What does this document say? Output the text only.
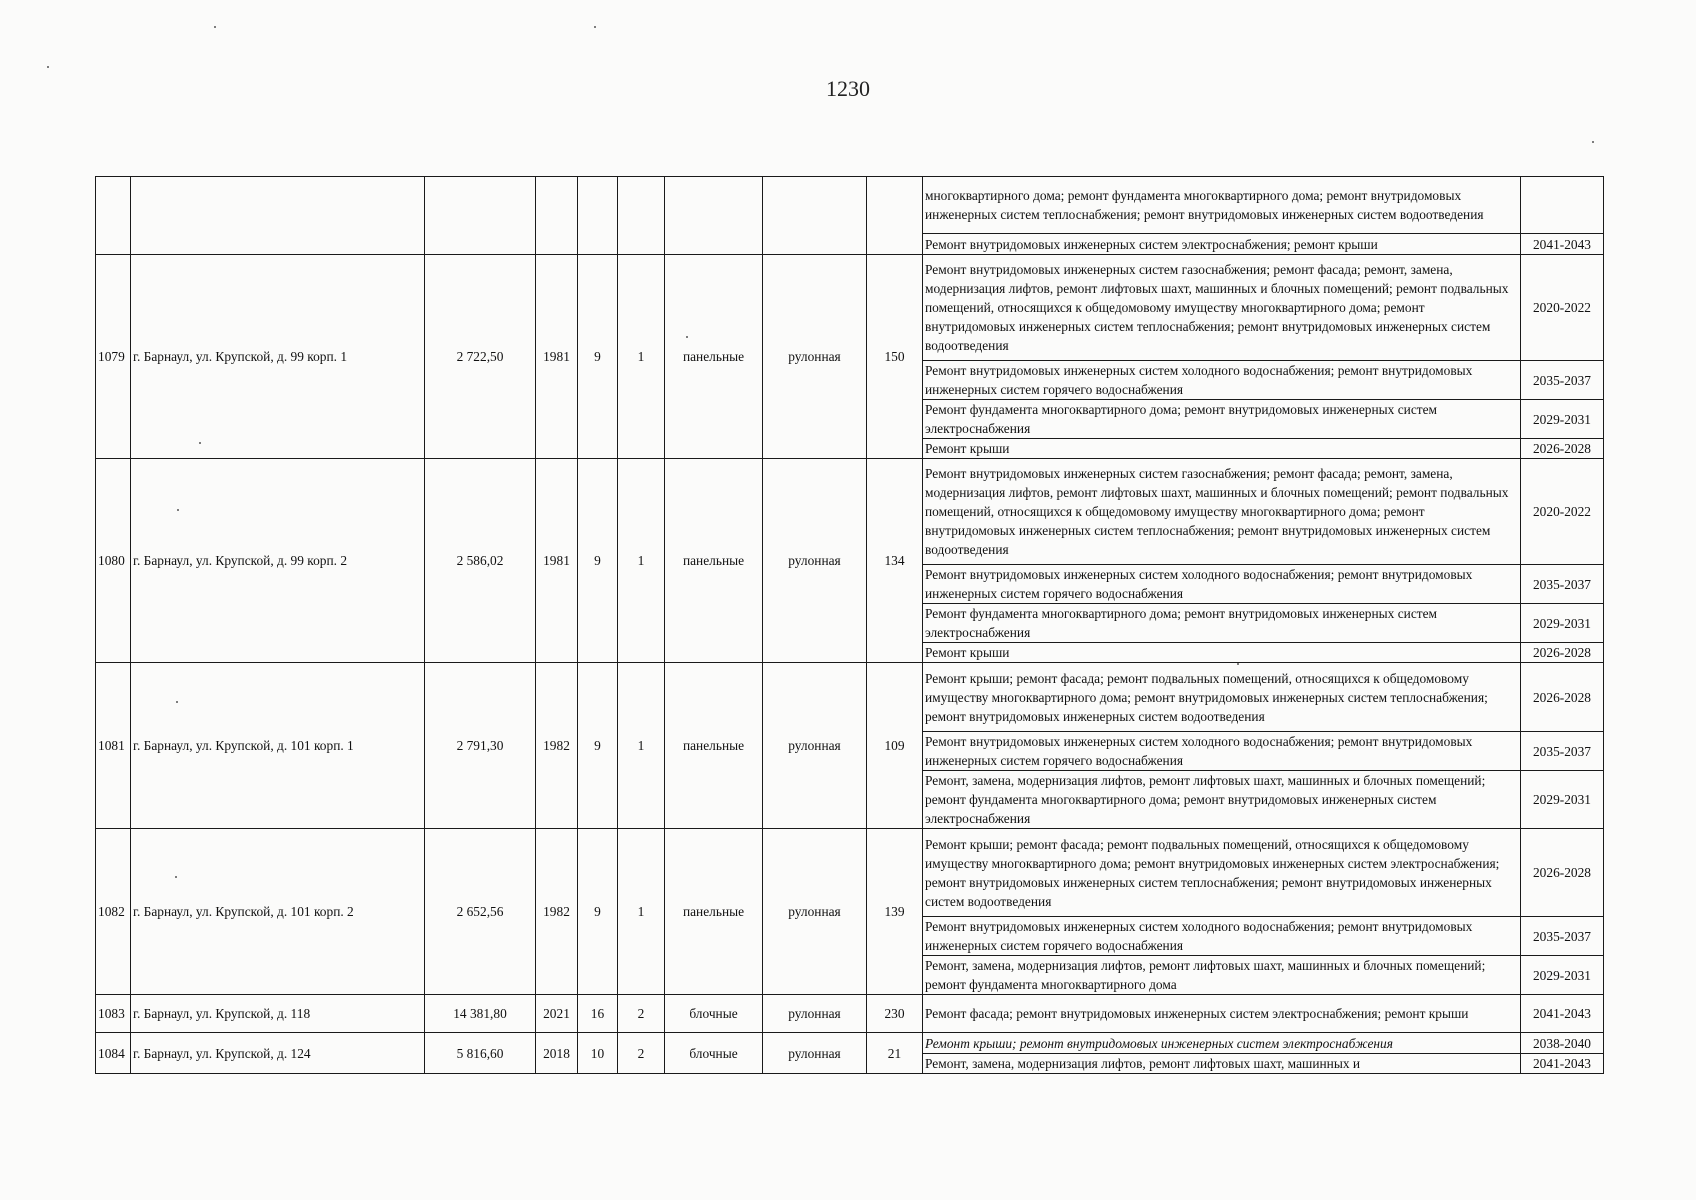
1230
									многоквартирного дома; ремонт фундамента многоквартирного дома; ремонт внутридомовых инженерных систем теплоснабжения; ремонт внутридомовых инженерных систем водоотведения	
									Ремонт внутридомовых инженерных систем электроснабжения; ремонт крыши	2041-2043
1079	г. Барнаул, ул. Крупской, д. 99 корп. 1	2 722,50	1981	9	1	панельные	рулонная	150	Ремонт внутридомовых инженерных систем газоснабжения; ремонт фасада; ремонт, замена, модернизация лифтов, ремонт лифтовых шахт, машинных и блочных помещений; ремонт подвальных помещений, относящихся к общедомовому имуществу многоквартирного дома; ремонт внутридомовых инженерных систем теплоснабжения; ремонт внутридомовых инженерных систем водоотведения	2020-2022
									Ремонт внутридомовых инженерных систем холодного водоснабжения; ремонт внутридомовых инженерных систем горячего водоснабжения	2035-2037
									Ремонт фундамента многоквартирного дома; ремонт внутридомовых инженерных систем электроснабжения	2029-2031
									Ремонт крыши	2026-2028
1080	г. Барнаул, ул. Крупской, д. 99 корп. 2	2 586,02	1981	9	1	панельные	рулонная	134	Ремонт внутридомовых инженерных систем газоснабжения; ремонт фасада; ремонт, замена, модернизация лифтов, ремонт лифтовых шахт, машинных и блочных помещений; ремонт подвальных помещений, относящихся к общедомовому имуществу многоквартирного дома; ремонт внутридомовых инженерных систем теплоснабжения; ремонт внутридомовых инженерных систем водоотведения	2020-2022
									Ремонт внутридомовых инженерных систем холодного водоснабжения; ремонт внутридомовых инженерных систем горячего водоснабжения	2035-2037
									Ремонт фундамента многоквартирного дома; ремонт внутридомовых инженерных систем электроснабжения	2029-2031
									Ремонт крыши	2026-2028
1081	г. Барнаул, ул. Крупской, д. 101 корп. 1	2 791,30	1982	9	1	панельные	рулонная	109	Ремонт крыши; ремонт фасада; ремонт подвальных помещений, относящихся к общедомовому имуществу многоквартирного дома; ремонт внутридомовых инженерных систем теплоснабжения; ремонт внутридомовых инженерных систем водоотведения	2026-2028
									Ремонт внутридомовых инженерных систем холодного водоснабжения; ремонт внутридомовых инженерных систем горячего водоснабжения	2035-2037
									Ремонт, замена, модернизация лифтов, ремонт лифтовых шахт, машинных и блочных помещений; ремонт фундамента многоквартирного дома; ремонт внутридомовых инженерных систем электроснабжения	2029-2031
1082	г. Барнаул, ул. Крупской, д. 101 корп. 2	2 652,56	1982	9	1	панельные	рулонная	139	Ремонт крыши; ремонт фасада; ремонт подвальных помещений, относящихся к общедомовому имуществу многоквартирного дома; ремонт внутридомовых инженерных систем электроснабжения; ремонт внутридомовых инженерных систем теплоснабжения; ремонт внутридомовых инженерных систем водоотведения	2026-2028
									Ремонт внутридомовых инженерных систем холодного водоснабжения; ремонт внутридомовых инженерных систем горячего водоснабжения	2035-2037
									Ремонт, замена, модернизация лифтов, ремонт лифтовых шахт, машинных и блочных помещений; ремонт фундамента многоквартирного дома	2029-2031
1083	г. Барнаул, ул. Крупской, д. 118	14 381,80	2021	16	2	блочные	рулонная	230	Ремонт фасада; ремонт внутридомовых инженерных систем электроснабжения; ремонт крыши	2041-2043
1084	г. Барнаул, ул. Крупской, д. 124	5 816,60	2018	10	2	блочные	рулонная	21	Ремонт крыши; ремонт внутридомовых инженерных систем электроснабжения	2038-2040
									Ремонт, замена, модернизация лифтов, ремонт лифтовых шахт, машинных и	2041-2043
